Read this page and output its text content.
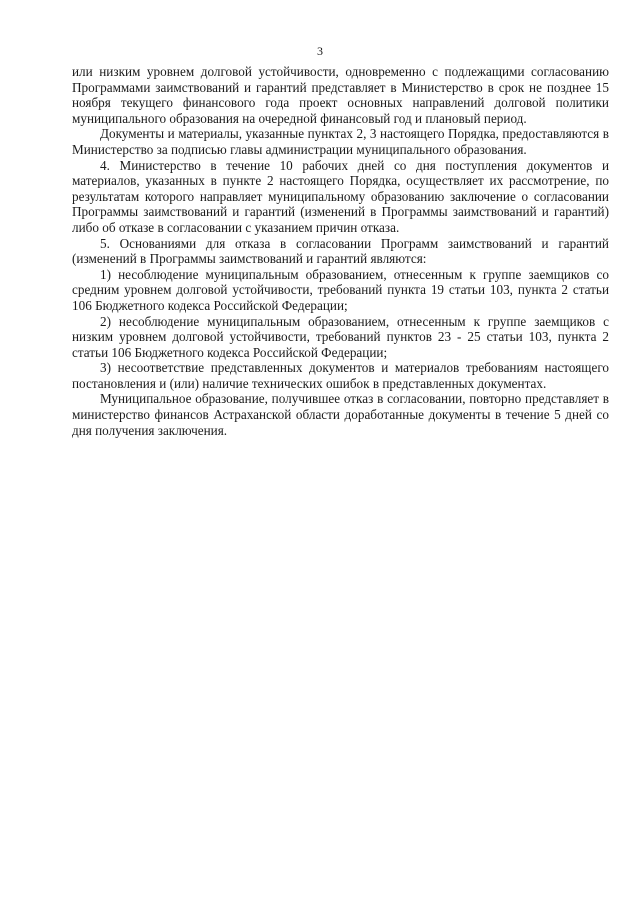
3

или низким уровнем долговой устойчивости, одновременно с подлежащими согласованию Программами заимствований и гарантий представляет в Министерство в срок не позднее 15 ноября текущего финансового года проект основных направлений долговой политики муниципального образования на очередной финансовый год и плановый период.

Документы и материалы, указанные пунктах 2, 3 настоящего Порядка, предоставляются в Министерство за подписью главы администрации муниципального образования.

4. Министерство в течение 10 рабочих дней со дня поступления документов и материалов, указанных в пункте 2 настоящего Порядка, осуществляет их рассмотрение, по результатам которого направляет муниципальному образованию заключение о согласовании Программы заимствований и гарантий (изменений в Программы заимствований и гарантий) либо об отказе в согласовании с указанием причин отказа.

5. Основаниями для отказа в согласовании Программ заимствований и гарантий (изменений в Программы заимствований и гарантий являются:

1) несоблюдение муниципальным образованием, отнесенным к группе заемщиков со средним уровнем долговой устойчивости, требований пункта 19 статьи 103, пункта 2 статьи 106 Бюджетного кодекса Российской Федерации;

2) несоблюдение муниципальным образованием, отнесенным к группе заемщиков с низким уровнем долговой устойчивости, требований пунктов 23 - 25 статьи 103, пункта 2 статьи 106 Бюджетного кодекса Российской Федерации;

3) несоответствие представленных документов и материалов требованиям настоящего постановления и (или) наличие технических ошибок в представленных документах.

Муниципальное образование, получившее отказ в согласовании, повторно представляет в министерство финансов Астраханской области доработанные документы в течение 5 дней со дня получения заключения.
